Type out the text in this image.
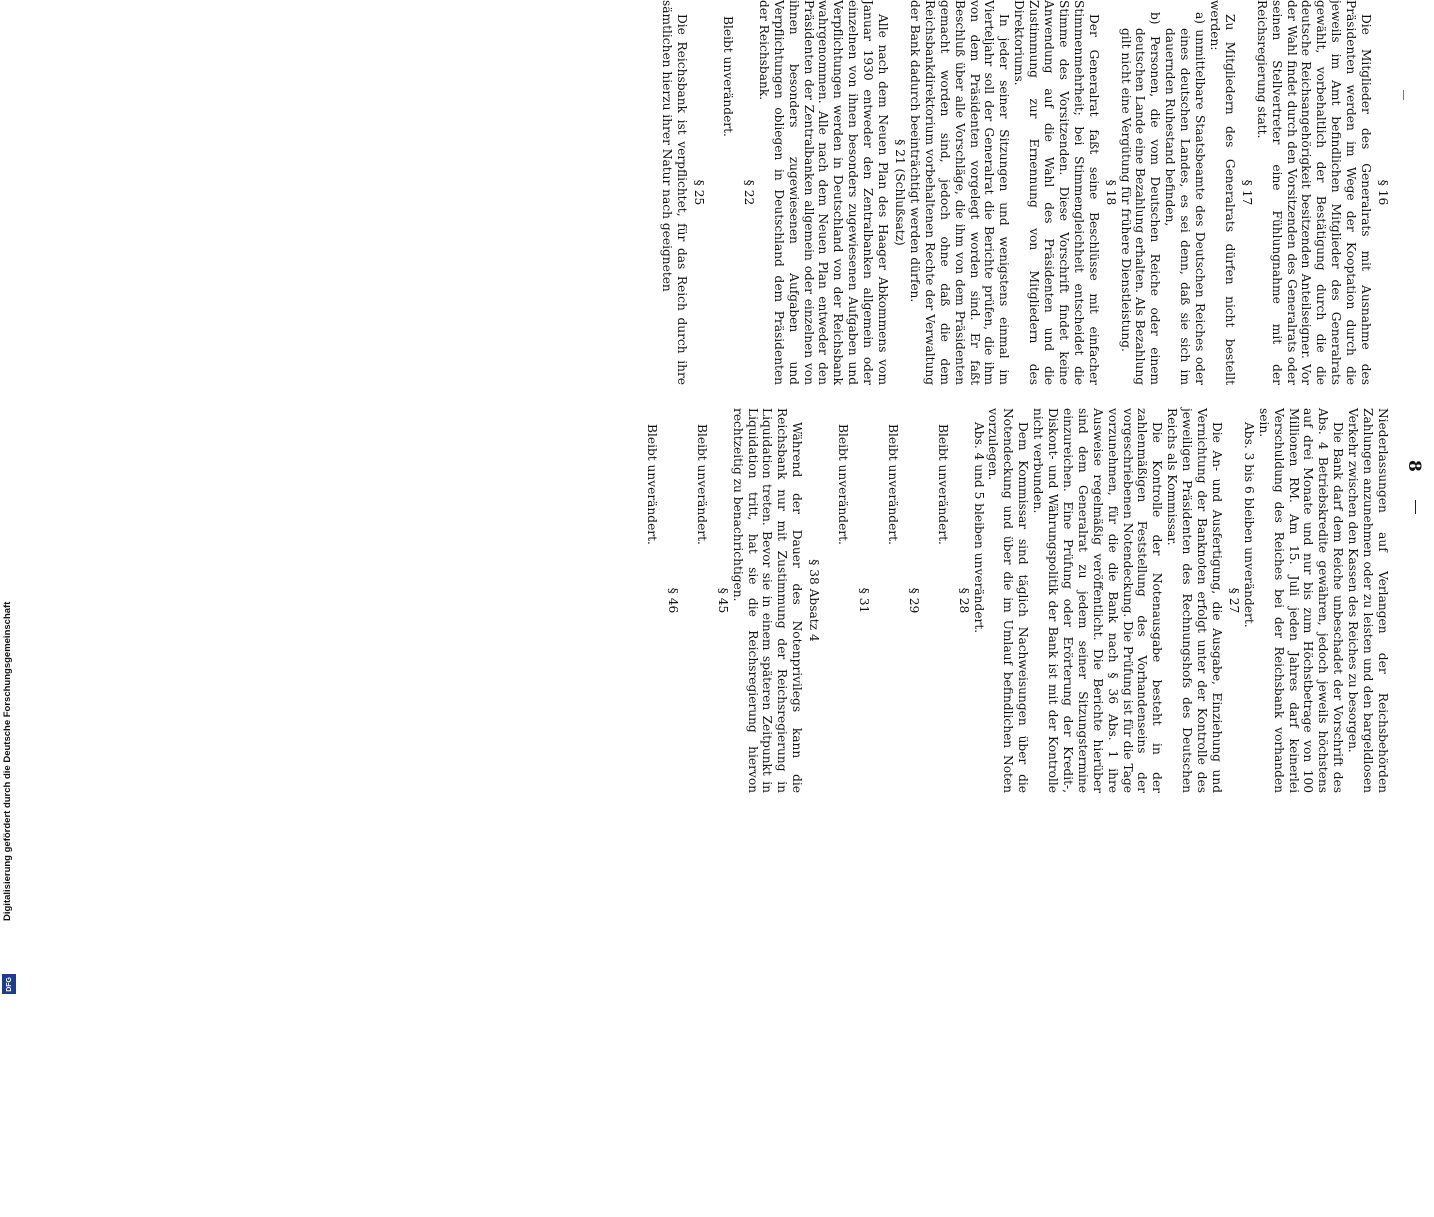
8

§ 16

Die Mitglieder des Generalrats mit Ausnahme des Präsidenten werden im Wege der Kooptation durch die jeweils im Amt befindlichen Mitglieder des Generalrats gewählt, vorbehaltlich der Bestätigung durch die die deutsche Reichsangehörigkeit besitzenden Anteilseigner. Vor der Wahl findet durch den Vorsitzenden des Generalrats oder seinen Stellvertreter eine Fühlungnahme mit der Reichsregierung statt.

§ 17

Zu Mitgliedern des Generalrats dürfen nicht bestellt werden:

a) unmittelbare Staatsbeamte des Deutschen Reiches oder eines deutschen Landes, es sei denn, daß sie sich im dauernden Ruhestand befinden,

b) Personen, die vom Deutschen Reiche oder einem deutschen Lande eine Bezahlung erhalten. Als Bezahlung gilt nicht eine Vergütung für frühere Dienstleistung.

§ 18

Der Generalrat faßt seine Beschlüsse mit einfacher Stimmenmehrheit; bei Stimmengleichheit entscheidet die Stimme des Vorsitzenden. Diese Vorschrift findet keine Anwendung auf die Wahl des Präsidenten und die Zustimmung zur Ernennung von Mitgliedern des Direktoriums.

In jeder seiner Sitzungen und wenigstens einmal im Vierteljahr soll der Generalrat die Berichte prüfen, die ihm von dem Präsidenten vorgelegt worden sind. Er faßt Beschluß über alle Vorschläge, die ihm von dem Präsidenten gemacht worden sind, jedoch ohne daß die dem Reichsbankdirektorium vorbehaltenen Rechte der Verwaltung der Bank dadurch beeinträchtigt werden dürfen.

§ 21 (Schlußsatz)

Alle nach dem Neuen Plan des Haager Abkommens vom Januar 1930 entweder den Zentralbanken allgemein oder einzelnen von ihnen besonders zugewiesenen Aufgaben und Verpflichtungen werden in Deutschland von der Reichsbank wahrgenommen. Alle nach dem Neuen Plan entweder den Präsidenten der Zentralbanken allgemein oder einzelnen von ihnen besonders zugewiesenen Aufgaben und Verpflichtungen obliegen in Deutschland dem Präsidenten der Reichsbank.

§ 22

Bleibt unverändert.

§ 25

Die Reichsbank ist verpflichtet, für das Reich durch ihre sämtlichen hierzu ihrer Natur nach geeigneten

Niederlassungen auf Verlangen der Reichsbehörden Zahlungen anzunehmen oder zu leisten und den bargeldlosen Verkehr zwischen den Kassen des Reiches zu besorgen.

Die Bank darf dem Reiche unbeschadet der Vorschrift des Abs. 4 Betriebskredite gewähren, jedoch jeweils höchstens auf drei Monate und nur bis zum Höchstbetrage von 100 Millionen RM. Am 15. Juli jeden Jahres darf keinerlei Verschuldung des Reiches bei der Reichsbank vorhanden sein.

Abs. 3 bis 6 bleiben unverändert.

§ 27

Die An- und Ausfertigung, die Ausgabe, Einziehung und Vernichtung der Banknoten erfolgt unter der Kontrolle des jeweiligen Präsidenten des Rechnungshofs des Deutschen Reichs als Kommissar.

Die Kontrolle der Notenausgabe besteht in der zahlenmäßigen Feststellung des Vorhandenseins der vorgeschriebenen Notendeckung. Die Prüfung ist für die Tage vorzunehmen, für die die Bank nach § 36 Abs. 1 ihre Ausweise regelmäßig veröffentlicht. Die Berichte hierüber sind dem Generalrat zu jedem seiner Sitzungstermine einzureichen. Eine Prüfung oder Erörterung der Kredit-, Diskont- und Währungspolitik der Bank ist mit der Kontrolle nicht verbunden.

Dem Kommissar sind täglich Nachweisungen über die Notendeckung und über die im Umlauf befindlichen Noten vorzulegen.

Abs. 4 und 5 bleiben unverändert.

§ 28

Bleibt unverändert.

§ 29

Bleibt unverändert.

§ 31

Bleibt unverändert.

§ 38 Absatz 4

Während der Dauer des Notenprivilegs kann die Reichsbank nur mit Zustimmung der Reichsregierung in Liquidation treten. Bevor sie in einem späteren Zeitpunkt in Liquidation tritt, hat sie die Reichsregierung hiervon rechtzeitig zu benachrichtigen.

§ 45

Bleibt unverändert.

§ 46

Bleibt unverändert.

Digitalisierung gefördert durch die Deutsche Forschungsgemeinschaft
DFG
